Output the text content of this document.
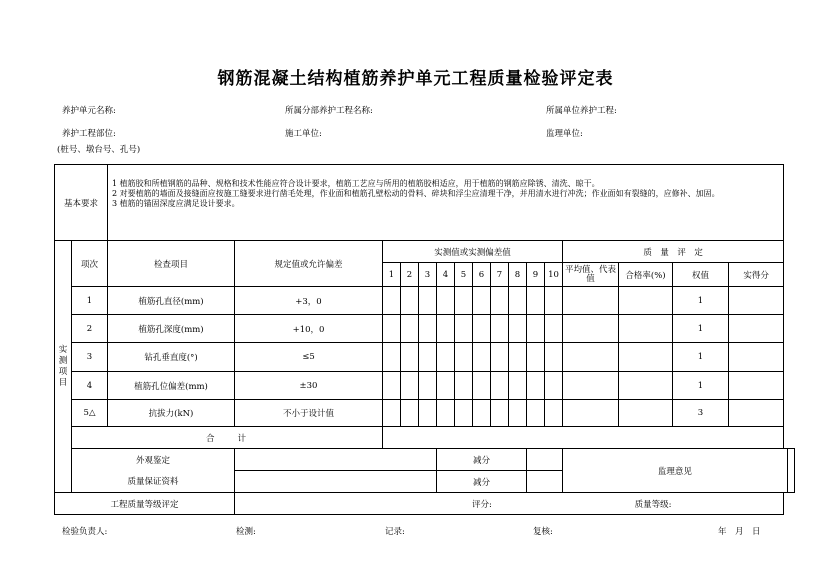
钢筋混凝土结构植筋养护单元工程质量检验评定表
养护单元名称:	所属分部养护工程名称:	所属单位养护工程:
养护工程部位:	施工单位:	监理单位:
(桩号、墩台号、孔号)
基本要求		1 植筋胶和所植钢筋的品种、规格和技术性能应符合设计要求，植筋工艺应与所用的植筋胶相适应，用于植筋的钢筋应除锈、清洗、晾干。
2 对要植筋的墙面及接缝面应按施工缝要求进行凿毛处理，作业面和植筋孔壁松动的骨料、碎块和浮尘应清理干净，并用清水进行冲洗；作业面如有裂缝的，应修补、加固。
3 植筋的锚固深度应满足设计要求。																

实测项目	项次	检查项目	规定值或允许偏差	实测值或实测偏差值										质　量　评　定				
				1	2	3	4	5	6	7	8	9	10	平均值、代表值	合格率(%)	权值	实得分	
	1	植筋孔直径(mm)	+3，0													1		
	2	植筋孔深度(mm)	+10，0													1		
	3	钻孔垂直度(°)	≤5													1		
	4	植筋孔位偏差(mm)	±30													1		
	5△	抗拔力(kN)	不小于设计值													3		
	合　　计																	
	外观鉴定						减分							监理意见				
	质量保证资料						减分											
工程质量等级评定			评分: 质量等级:															
检验负责人:	检测:	记录:	复核:	年　月　日
